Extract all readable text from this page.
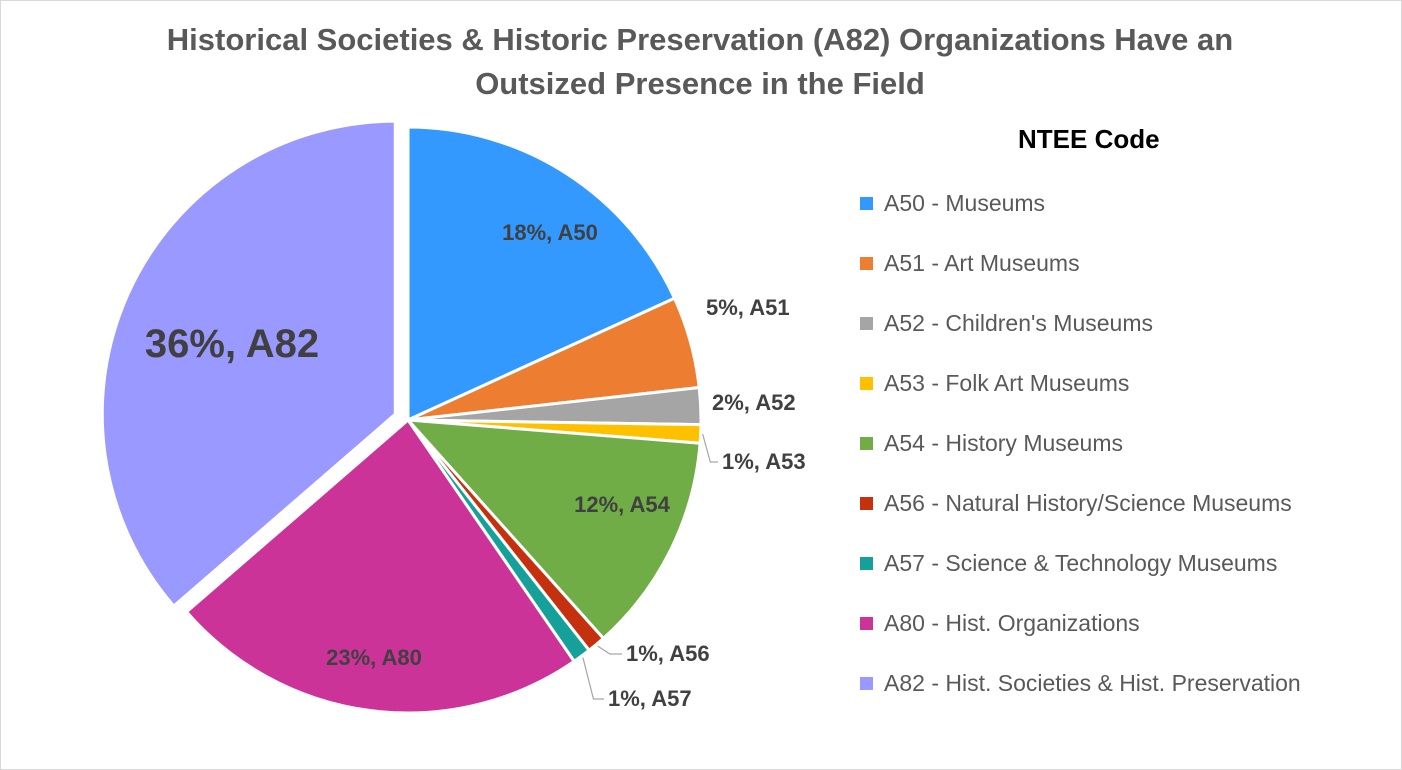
Historical Societies & Historic Preservation (A82) Organizations Have an
Outsized Presence in the Field
18%, A50
5%, A51
2%, A52
1%, A53
12%, A54
1%, A56
1%, A57
23%, A80
36%, A82
NTEE Code
A50 - Museums
A51 - Art Museums
A52 - Children's Museums
A53 - Folk Art Museums
A54 - History Museums
A56 - Natural History/Science Museums
A57 - Science & Technology Museums
A80 - Hist. Organizations
A82 - Hist. Societies & Hist. Preservation
